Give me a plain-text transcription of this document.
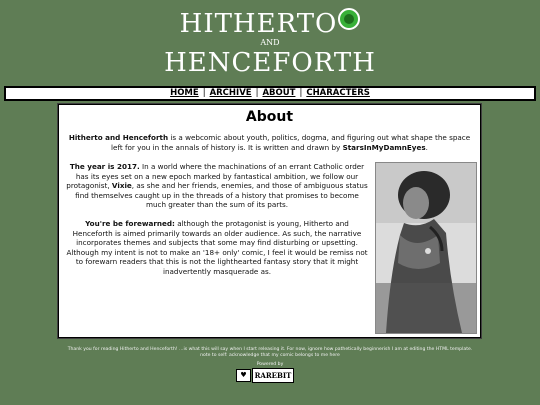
HITHERTO
AND
HENCEFORTH
HOME | ARCHIVE | ABOUT | CHARACTERS
About
Hitherto and Henceforth is a webcomic about youth, politics, dogma, and figuring out what shape the space left for you in the annals of history is. It is written and drawn by StarsInMyDamnEyes.
The year is 2017. In a world where the machinations of an errant Catholic order has its eyes set on a new epoch marked by fantastical ambition, we follow our protagonist, Vixie, as she and her friends, enemies, and those of ambiguous status find themselves caught up in the threads of a history that promises to become much greater than the sum of its parts.
You're be forewarned: although the protagonist is young, Hitherto and Henceforth is aimed primarily towards an older audience. As such, the narrative incorporates themes and subjects that some may find disturbing or upsetting. Although my intent is not to make an '18+ only' comic, I feel it would be remiss not to forewarn readers that this is not the lighthearted fantasy story that it might inadvertently masquerade as.
Thank you for reading Hitherto and Henceforth! ...is what this will say when I start releasing it. For now, ignore how pathetically beginnerish I am at editing the HTML template.
note to self: acknowledge that my comic belongs to me here
Powered by
♥	RAREBIT
